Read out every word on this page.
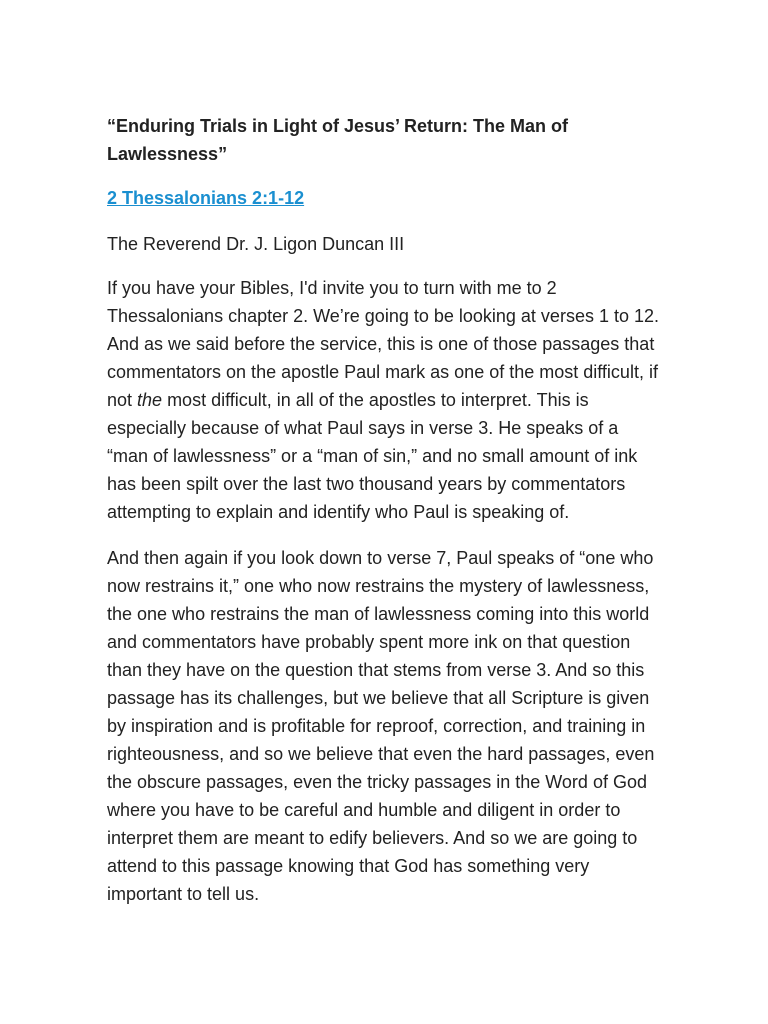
“Enduring Trials in Light of Jesus’ Return: The Man of Lawlessness”

2 Thessalonians 2:1-12

The Reverend Dr. J. Ligon Duncan III

If you have your Bibles, I'd invite you to turn with me to 2 Thessalonians chapter 2. We’re going to be looking at verses 1 to 12. And as we said before the service, this is one of those passages that commentators on the apostle Paul mark as one of the most difficult, if not the most difficult, in all of the apostles to interpret. This is especially because of what Paul says in verse 3. He speaks of a “man of lawlessness” or a “man of sin,” and no small amount of ink has been spilt over the last two thousand years by commentators attempting to explain and identify who Paul is speaking of.

And then again if you look down to verse 7, Paul speaks of “one who now restrains it,” one who now restrains the mystery of lawlessness, the one who restrains the man of lawlessness coming into this world and commentators have probably spent more ink on that question than they have on the question that stems from verse 3. And so this passage has its challenges, but we believe that all Scripture is given by inspiration and is profitable for reproof, correction, and training in righteousness, and so we believe that even the hard passages, even the obscure passages, even the tricky passages in the Word of God where you have to be careful and humble and diligent in order to interpret them are meant to edify believers. And so we are going to attend to this passage knowing that God has something very important to tell us.
